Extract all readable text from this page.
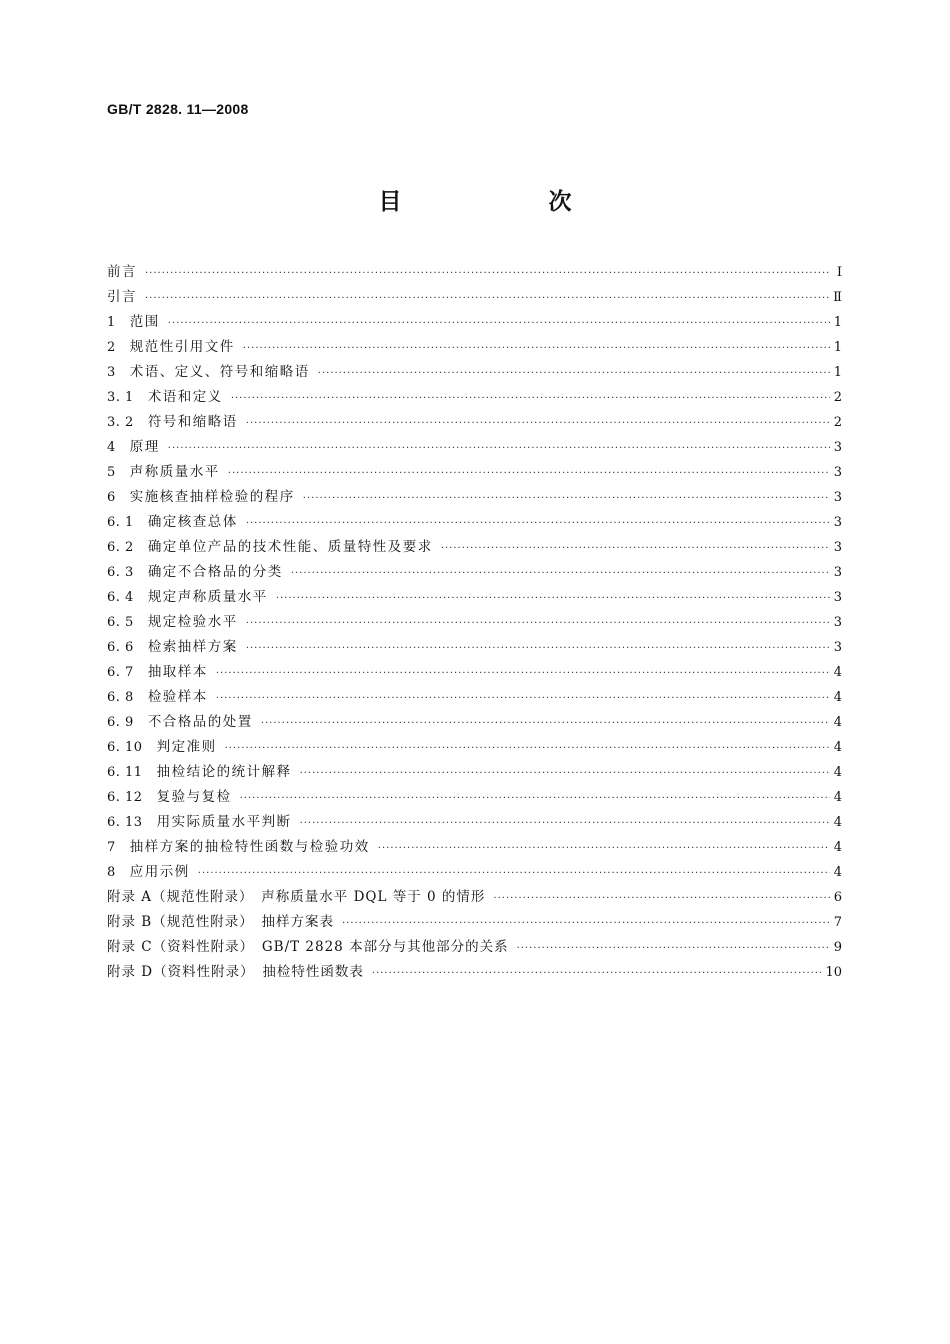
GB/T 2828. 11—2008
目　次
前言 ·····	Ⅰ
引言 ·····	Ⅱ
1	范围 ·····	1
2	规范性引用文件 ·····	1
3	术语、定义、符号和缩略语 ·····	1
3. 1	术语和定义 ·····	2
3. 2	符号和缩略语 ·····	2
4	原理 ·····	3
5	声称质量水平 ·····	3
6	实施核查抽样检验的程序 ·····	3
6. 1	确定核查总体 ·····	3
6. 2	确定单位产品的技术性能、质量特性及要求 ·····	3
6. 3	确定不合格品的分类 ·····	3
6. 4	规定声称质量水平 ·····	3
6. 5	规定检验水平 ·····	3
6. 6	检索抽样方案 ·····	3
6. 7	抽取样本 ·····	4
6. 8	检验样本 ·····	4
6. 9	不合格品的处置 ·····	4
6. 10	判定准则 ·····	4
6. 11	抽检结论的统计解释 ·····	4
6. 12	复验与复检 ·····	4
6. 13	用实际质量水平判断 ·····	4
7	抽样方案的抽检特性函数与检验功效 ·····	4
8	应用示例 ·····	4
附录 A（规范性附录）　声称质量水平 DQL 等于 0 的情形 ·····	6
附录 B（规范性附录）　抽样方案表 ·····	7
附录 C（资料性附录）　GB/T 2828 本部分与其他部分的关系 ·····	9
附录 D（资料性附录）　抽检特性函数表 ·····	10
